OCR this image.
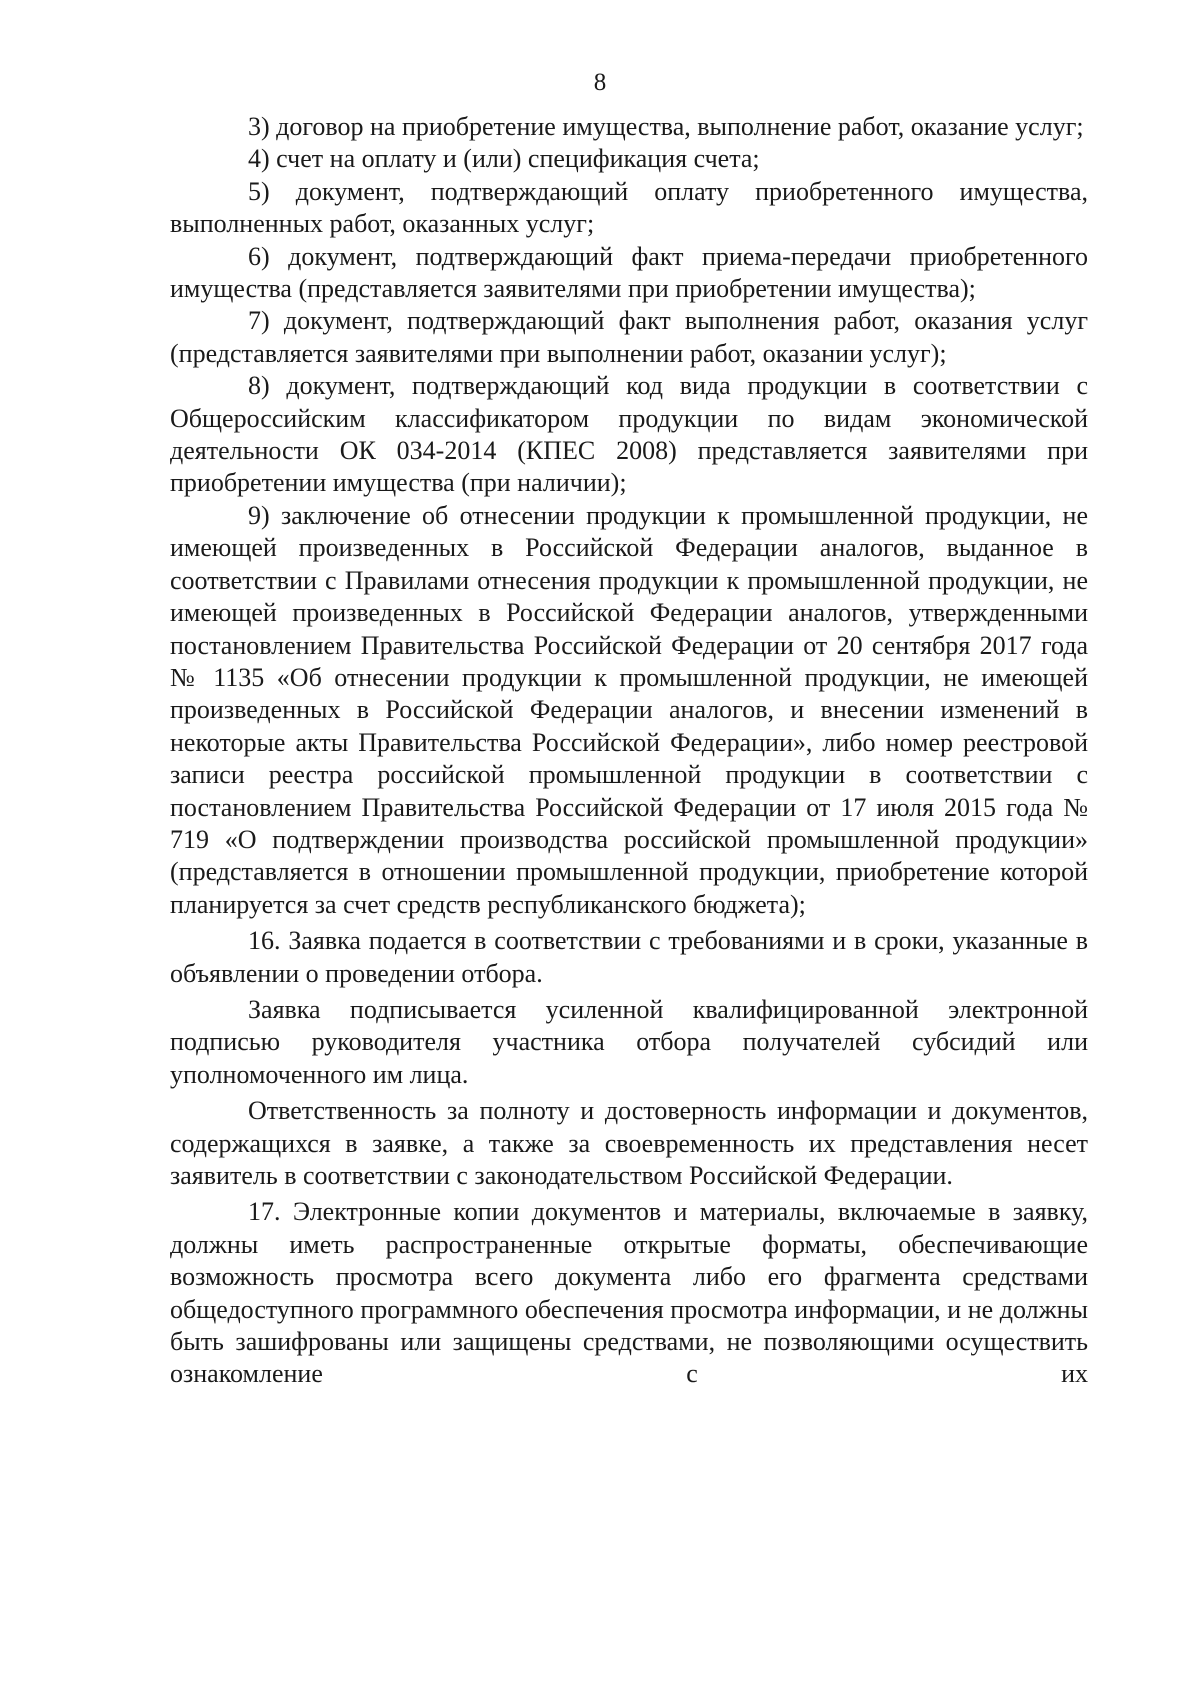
8

3) договор на приобретение имущества, выполнение работ, оказание услуг;

4) счет на оплату и (или) спецификация счета;

5) документ, подтверждающий оплату приобретенного имущества, выполненных работ, оказанных услуг;

6) документ, подтверждающий факт приема-передачи приобретенного имущества (представляется заявителями при приобретении имущества);

7) документ, подтверждающий факт выполнения работ, оказания услуг (представляется заявителями при выполнении работ, оказании услуг);

8) документ, подтверждающий код вида продукции в соответствии с Общероссийским классификатором продукции по видам экономической деятельности ОК 034-2014 (КПЕС 2008) представляется заявителями при приобретении имущества (при наличии);

9) заключение об отнесении продукции к промышленной продукции, не имеющей произведенных в Российской Федерации аналогов, выданное в соответствии с Правилами отнесения продукции к промышленной продукции, не имеющей произведенных в Российской Федерации аналогов, утвержденными постановлением Правительства Российской Федерации от 20 сентября 2017 года № 1135 «Об отнесении продукции к промышленной продукции, не имеющей произведенных в Российской Федерации аналогов, и внесении изменений в некоторые акты Правительства Российской Федерации», либо номер реестровой записи реестра российской промышленной продукции в соответствии с постановлением Правительства Российской Федерации от 17 июля 2015 года № 719 «О подтверждении производства российской промышленной продукции» (представляется в отношении промышленной продукции, приобретение которой планируется за счет средств республиканского бюджета);

16. Заявка подается в соответствии с требованиями и в сроки, указанные в объявлении о проведении отбора.

Заявка подписывается усиленной квалифицированной электронной подписью руководителя участника отбора получателей субсидий или уполномоченного им лица.

Ответственность за полноту и достоверность информации и документов, содержащихся в заявке, а также за своевременность их представления несет заявитель в соответствии с законодательством Российской Федерации.

17. Электронные копии документов и материалы, включаемые в заявку, должны иметь распространенные открытые форматы, обеспечивающие возможность просмотра всего документа либо его фрагмента средствами общедоступного программного обеспечения просмотра информации, и не должны быть зашифрованы или защищены средствами, не позволяющими осуществить ознакомление с их
